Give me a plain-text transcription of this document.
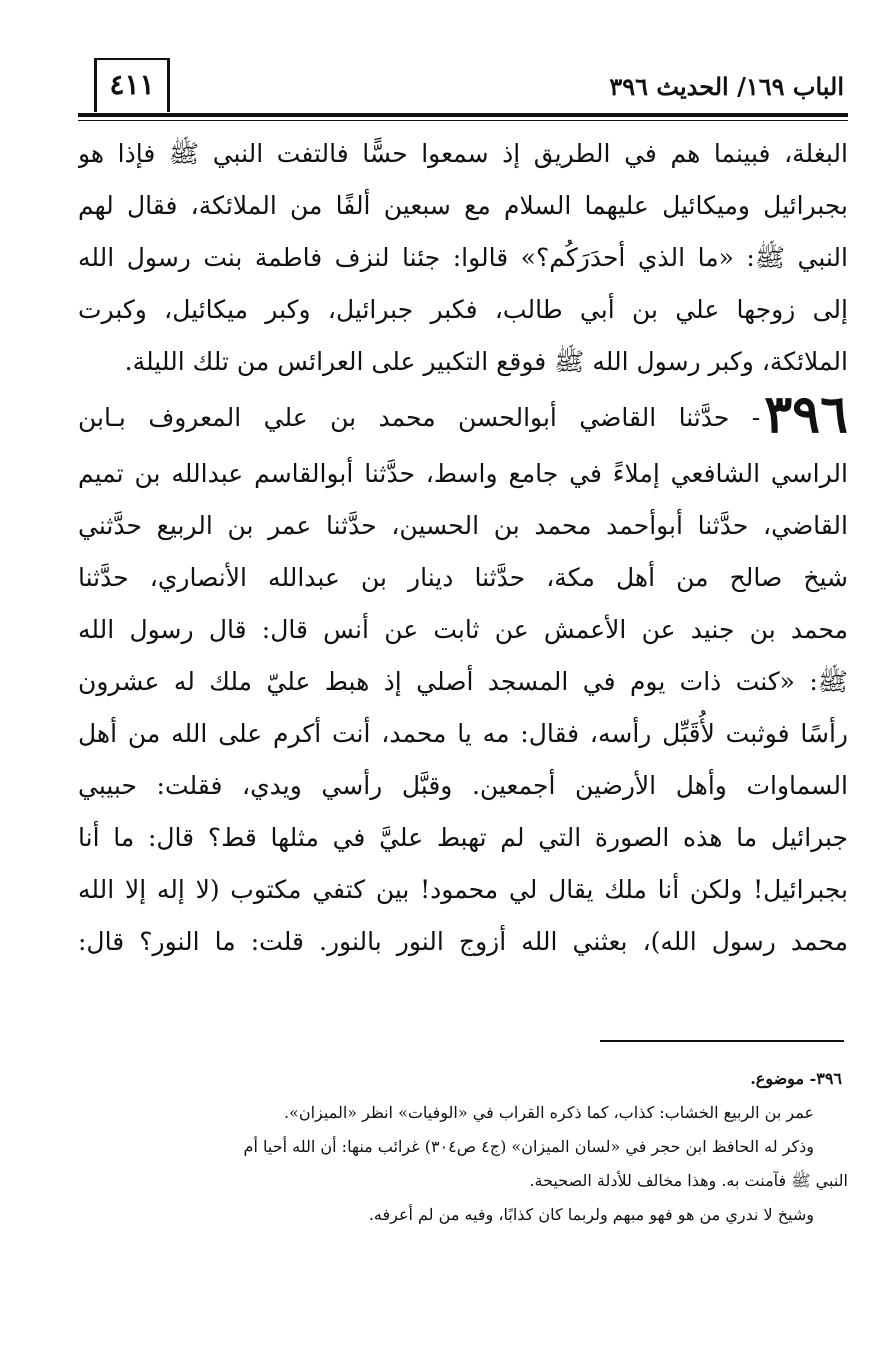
الباب ١٦٩/ الحديث ٣٩٦
٤١١
البغلة، فبينما هم في الطريق إذ سمعوا حسًّا فالتفت النبي ﷺ فإذا هو
بجبرائيل وميكائيل عليهما السلام مع سبعين ألفًا من الملائكة، فقال لهم
النبي ﷺ: «ما الذي أحدَرَكُم؟» قالوا: جئنا لنزف فاطمة بنت رسول الله
إلى زوجها علي بن أبي طالب، فكبر جبرائيل، وكبر ميكائيل، وكبرت
الملائكة، وكبر رسول الله ﷺ فوقع التكبير على العرائس من تلك الليلة.
٣٩٦- حدَّثنا القاضي أبوالحسن محمد بن علي المعروف بـابن
الراسي الشافعي إملاءً في جامع واسط، حدَّثنا أبوالقاسم عبدالله بن تميم
القاضي، حدَّثنا أبوأحمد محمد بن الحسين، حدَّثنا عمر بن الربيع حدَّثني
شيخ صالح من أهل مكة، حدَّثنا دينار بن عبدالله الأنصاري، حدَّثنا
محمد بن جنيد عن الأعمش عن ثابت عن أنس قال: قال رسول الله
ﷺ: «كنت ذات يوم في المسجد أصلي إذ هبط عليّ ملك له عشرون
رأسًا فوثبت لأُقَبِّل رأسه، فقال: مه يا محمد، أنت أكرم على الله من أهل
السماوات وأهل الأرضين أجمعين. وقبَّل رأسي ويدي، فقلت: حبيبي
جبرائيل ما هذه الصورة التي لم تهبط عليَّ في مثلها قط؟ قال: ما أنا
بجبرائيل! ولكن أنا ملك يقال لي محمود! بين كتفي مكتوب (لا إله إلا الله
محمد رسول الله)، بعثني الله أزوج النور بالنور. قلت: ما النور؟ قال:
٣٩٦- موضوع.
عمر بن الربيع الخشاب: كذاب، كما ذكره القراب في «الوفيات» انظر «الميزان».
وذكر له الحافظ ابن حجر في «لسان الميزان» (ج٤ ص٣٠٤) غرائب منها: أن الله أحيا أم
النبي ﷺ فآمنت به. وهذا مخالف للأدلة الصحيحة.
وشيخ لا ندري من هو فهو مبهم ولربما كان كذابًا، وفيه من لم أعرفه.
